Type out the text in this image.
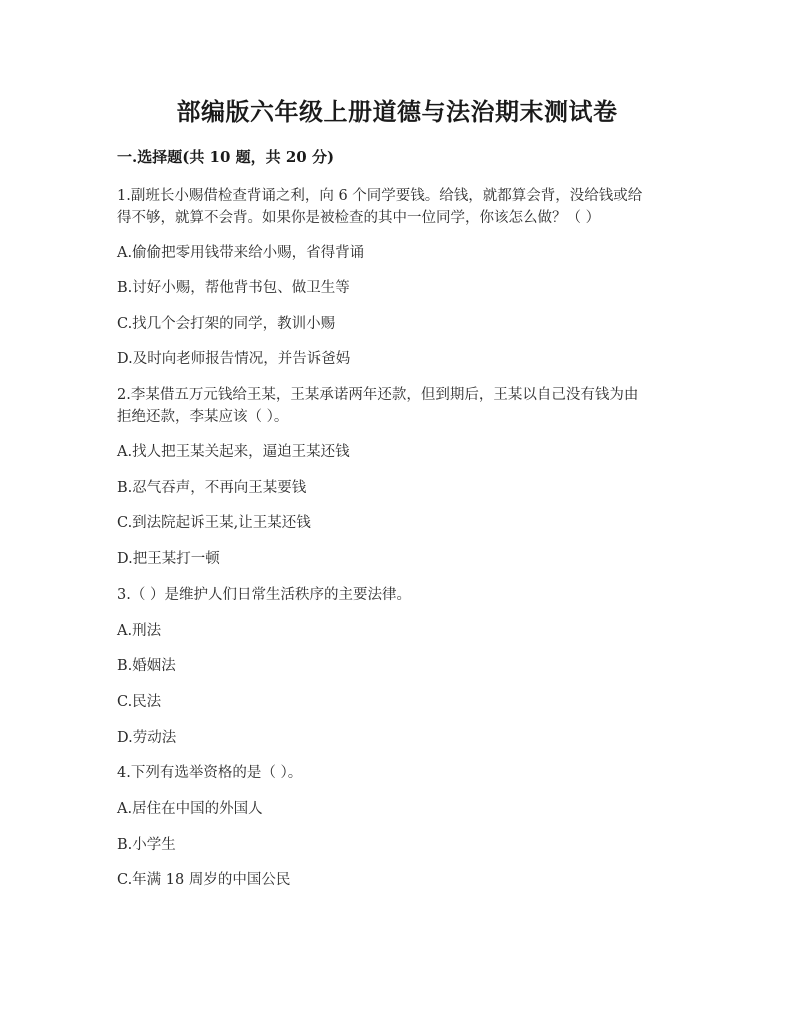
部编版六年级上册道德与法治期末测试卷
一.选择题(共 10 题，共 20 分)
1.副班长小赐借检查背诵之利，向 6 个同学要钱。给钱，就都算会背，没给钱或给
得不够，就算不会背。如果你是被检查的其中一位同学，你该怎么做？（ ）
A.偷偷把零用钱带来给小赐，省得背诵
B.讨好小赐，帮他背书包、做卫生等
C.找几个会打架的同学，教训小赐
D.及时向老师报告情况，并告诉爸妈
2.李某借五万元钱给王某，王某承诺两年还款，但到期后，王某以自己没有钱为由
拒绝还款，李某应该（ ）。
A.找人把王某关起来，逼迫王某还钱
B.忍气吞声，不再向王某要钱
C.到法院起诉王某,让王某还钱
D.把王某打一顿
3.（ ）是维护人们日常生活秩序的主要法律。
A.刑法
B.婚姻法
C.民法
D.劳动法
4.下列有选举资格的是（ ）。
A.居住在中国的外国人
B.小学生
C.年满 18 周岁的中国公民
